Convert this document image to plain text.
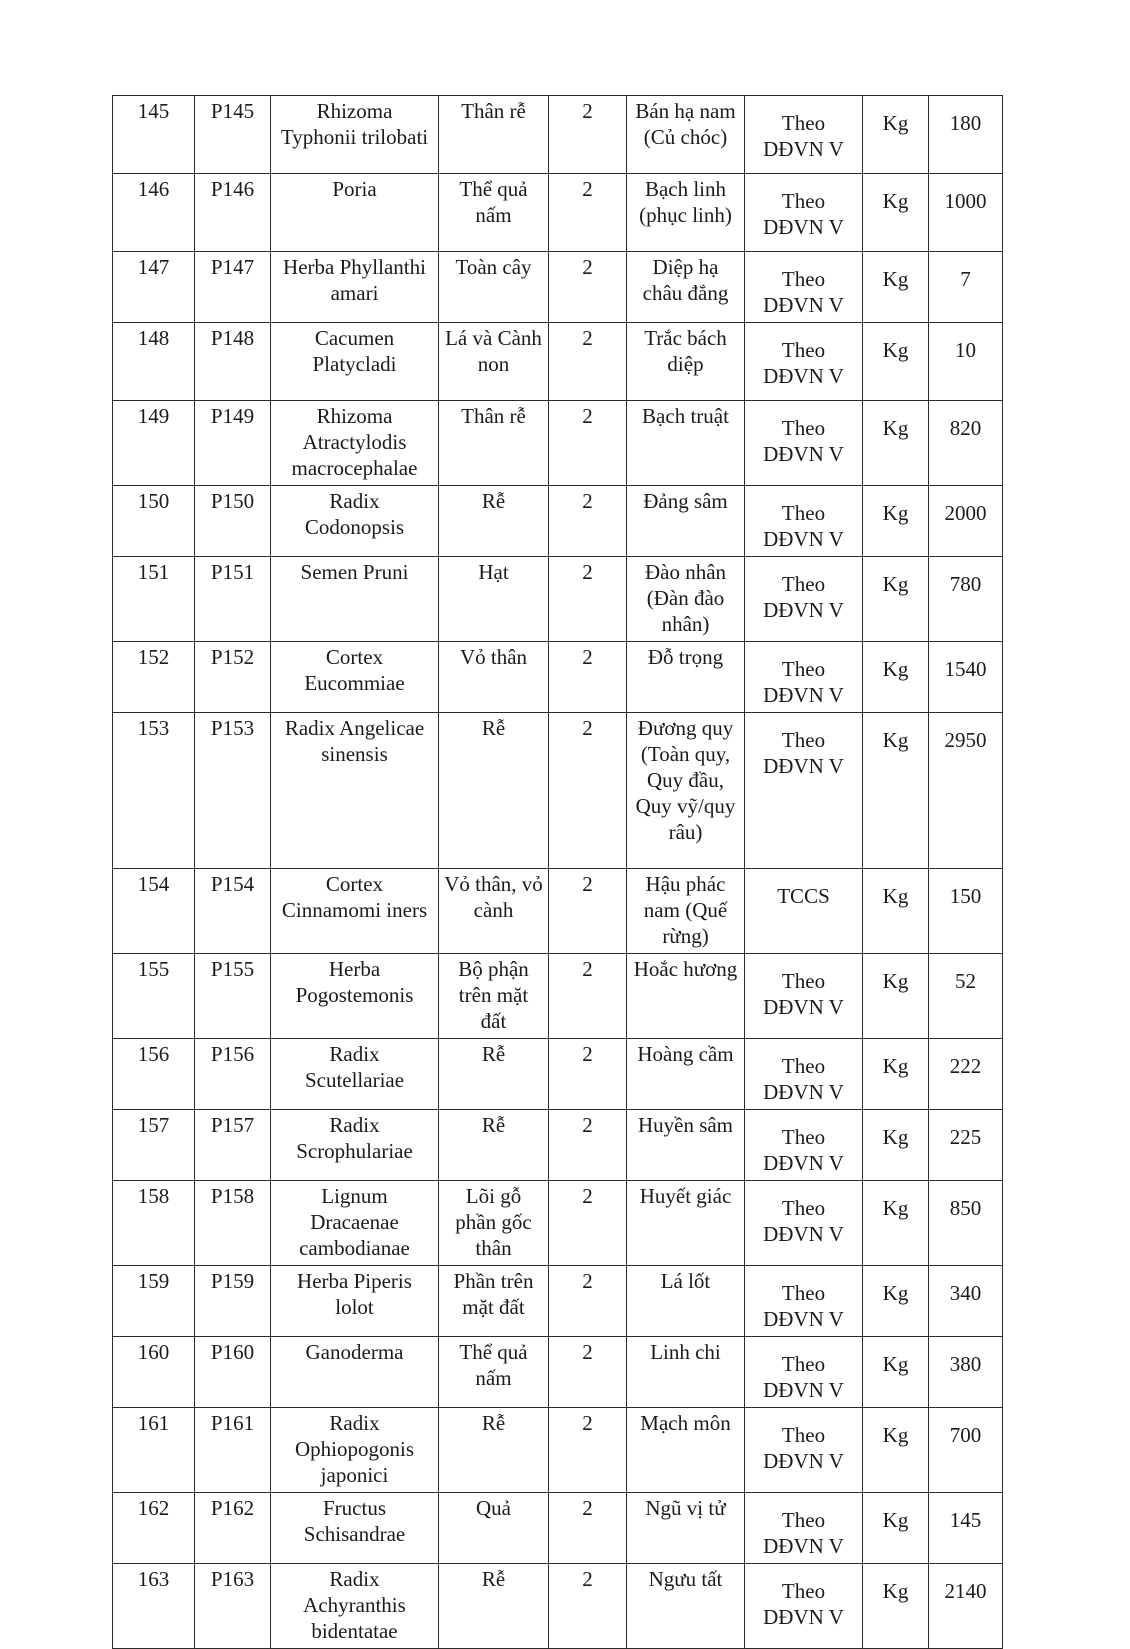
145	P145	Rhizoma Typhonii trilobati	Thân rễ	2	Bán hạ nam (Củ chóc)	Theo DĐVN V	Kg	180
146	P146	Poria	Thể quả nấm	2	Bạch linh (phục linh)	Theo DĐVN V	Kg	1000
147	P147	Herba Phyllanthi amari	Toàn cây	2	Diệp hạ châu đắng	Theo DĐVN V	Kg	7
148	P148	Cacumen Platycladi	Lá và Cành non	2	Trắc bách diệp	Theo DĐVN V	Kg	10
149	P149	Rhizoma Atractylodis macrocephalae	Thân rễ	2	Bạch truật	Theo DĐVN V	Kg	820
150	P150	Radix Codonopsis	Rễ	2	Đảng sâm	Theo DĐVN V	Kg	2000
151	P151	Semen Pruni	Hạt	2	Đào nhân (Đàn đào nhân)	Theo DĐVN V	Kg	780
152	P152	Cortex Eucommiae	Vỏ thân	2	Đỗ trọng	Theo DĐVN V	Kg	1540
153	P153	Radix Angelicae sinensis	Rễ	2	Đương quy (Toàn quy, Quy đầu, Quy vỹ/quy râu)	Theo DĐVN V	Kg	2950
154	P154	Cortex Cinnamomi iners	Vỏ thân, vỏ cành	2	Hậu phác nam (Quế rừng)	TCCS	Kg	150
155	P155	Herba Pogostemonis	Bộ phận trên mặt đất	2	Hoắc hương	Theo DĐVN V	Kg	52
156	P156	Radix Scutellariae	Rễ	2	Hoàng cầm	Theo DĐVN V	Kg	222
157	P157	Radix Scrophulariae	Rễ	2	Huyền sâm	Theo DĐVN V	Kg	225
158	P158	Lignum Dracaenae cambodianae	Lõi gỗ phần gốc thân	2	Huyết giác	Theo DĐVN V	Kg	850
159	P159	Herba Piperis lolot	Phần trên mặt đất	2	Lá lốt	Theo DĐVN V	Kg	340
160	P160	Ganoderma	Thể quả nấm	2	Linh chi	Theo DĐVN V	Kg	380
161	P161	Radix Ophiopogonis japonici	Rễ	2	Mạch môn	Theo DĐVN V	Kg	700
162	P162	Fructus Schisandrae	Quả	2	Ngũ vị tử	Theo DĐVN V	Kg	145
163	P163	Radix Achyranthis bidentatae	Rễ	2	Ngưu tất	Theo DĐVN V	Kg	2140
